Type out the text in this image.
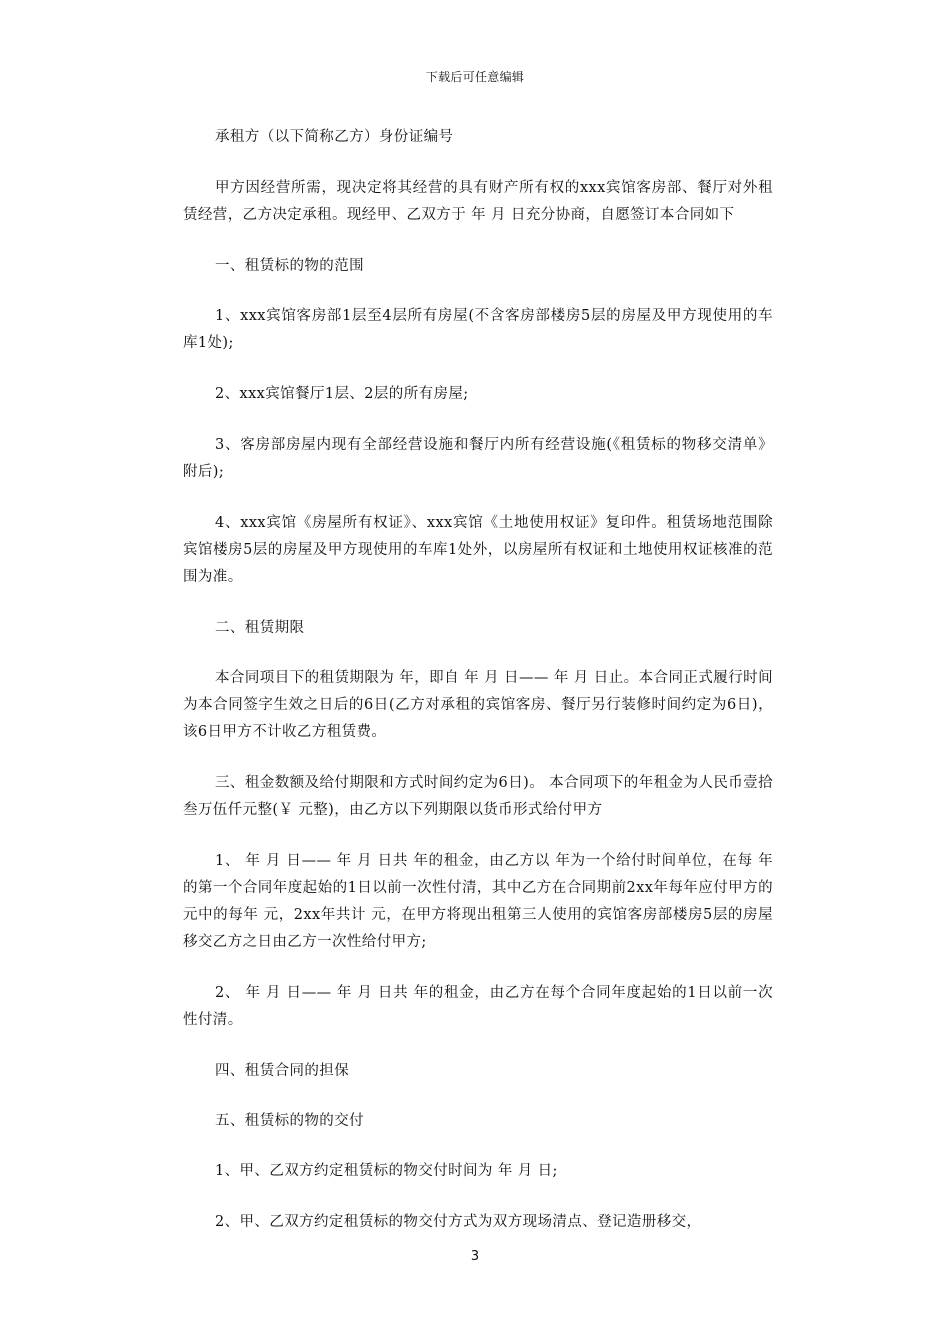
下载后可任意编辑

承租方（以下简称乙方）身份证编号

甲方因经营所需，现决定将其经营的具有财产所有权的xxx宾馆客房部、餐厅对外租赁经营，乙方决定承租。现经甲、乙双方于 年 月 日充分协商，自愿签订本合同如下

一、租赁标的物的范围

1、xxx宾馆客房部1层至4层所有房屋(不含客房部楼房5层的房屋及甲方现使用的车库1处);

2、xxx宾馆餐厅1层、2层的所有房屋;

3、客房部房屋内现有全部经营设施和餐厅内所有经营设施(《租赁标的物移交清单》附后);

4、xxx宾馆《房屋所有权证》、xxx宾馆《土地使用权证》复印件。租赁场地范围除宾馆楼房5层的房屋及甲方现使用的车库1处外，以房屋所有权证和土地使用权证核准的范围为准。

二、租赁期限

本合同项目下的租赁期限为 年，即自 年 月 日—— 年 月 日止。本合同正式履行时间为本合同签字生效之日后的6日(乙方对承租的宾馆客房、餐厅另行装修时间约定为6日)，该6日甲方不计收乙方租赁费。

三、租金数额及给付期限和方式时间约定为6日)。 本合同项下的年租金为人民币壹拾叁万伍仟元整(￥ 元整)，由乙方以下列期限以货币形式给付甲方

1、 年 月 日—— 年 月 日共 年的租金，由乙方以 年为一个给付时间单位，在每 年的第一个合同年度起始的1日以前一次性付清，其中乙方在合同期前2xx年每年应付甲方的 元中的每年 元，2xx年共计 元，在甲方将现出租第三人使用的宾馆客房部楼房5层的房屋移交乙方之日由乙方一次性给付甲方;

2、 年 月 日—— 年 月 日共 年的租金，由乙方在每个合同年度起始的1日以前一次性付清。

四、租赁合同的担保

五、租赁标的物的交付

1、甲、乙双方约定租赁标的物交付时间为 年 月 日;

2、甲、乙双方约定租赁标的物交付方式为双方现场清点、登记造册移交，

3
